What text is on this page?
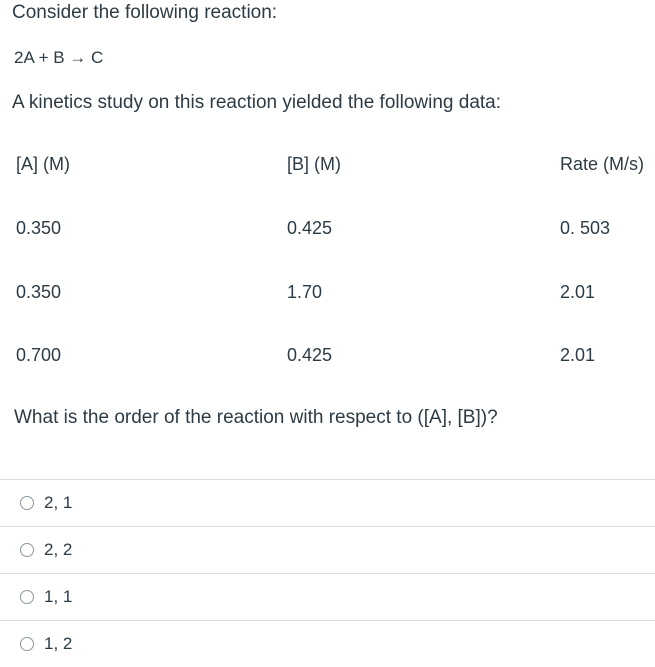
Consider the following reaction:
2A + B → C
A kinetics study on this reaction yielded the following data:
[A] (M)	[B] (M)	Rate (M/s)
0.350	0.425	0. 503
0.350	1.70	2.01
0.700	0.425	2.01
What is the order of the reaction with respect to ([A], [B])?
2, 1
2, 2
1, 1
1, 2
